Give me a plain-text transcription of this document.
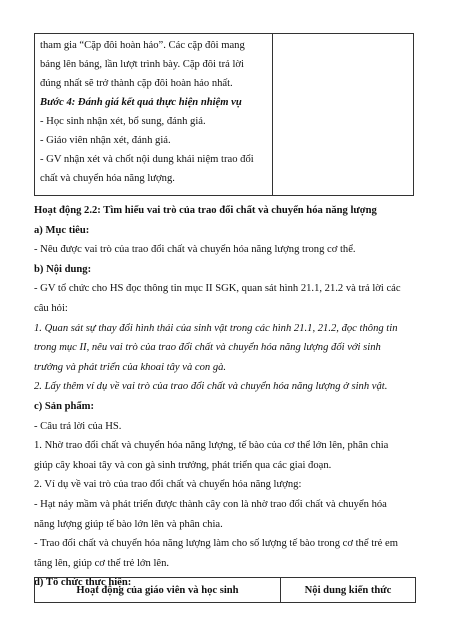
tham gia “Cặp đôi hoàn hảo”. Các cặp đôi mang

bảng lên bảng, lần lượt trình bày. Cặp đôi trả lời

đúng nhất sẽ trở thành cặp đôi hoàn hảo nhất.

Bước 4: Đánh giá kết quả thực hiện nhiệm vụ

- Học sinh nhận xét, bổ sung, đánh giá.

- Giáo viên nhận xét, đánh giá.

- GV nhận xét và chốt nội dung khái niệm trao đổi

chất và chuyển hóa năng lượng.

Hoạt động 2.2: Tìm hiểu vai trò của trao đổi chất và chuyển hóa năng lượng

a) Mục tiêu:

- Nêu được vai trò của trao đổi chất và chuyển hóa năng lượng trong cơ thể.

b) Nội dung:

- GV tổ chức cho HS đọc thông tin mục II SGK, quan sát hình 21.1, 21.2 và trả lời các

câu hỏi:

1. Quan sát sự thay đổi hình thái của sinh vật trong các hình 21.1, 21.2, đọc thông tin

trong mục II, nêu vai trò của trao đổi chất và chuyển hóa năng lượng đối với sinh

trưởng và phát triển của khoai tây và con gà.

2. Lấy thêm ví dụ về vai trò của trao đổi chất và chuyển hóa năng lượng ở sinh vật.

c) Sản phẩm:

- Câu trả lời của HS.

1. Nhờ trao đổi chất và chuyển hóa năng lượng, tế bào của cơ thể lớn lên, phân chia

giúp cây khoai tây và con gà sinh trưởng, phát triển qua các giai đoạn.

2. Ví dụ về vai trò của trao đổi chất và chuyển hóa năng lượng:

- Hạt nảy mầm và phát triển được thành cây con là nhờ trao đổi chất và chuyển hóa

năng lượng giúp tế bào lớn lên và phân chia.

- Trao đổi chất và chuyển hóa năng lượng làm cho số lượng tế bào trong cơ thể trẻ em

tăng lên, giúp cơ thể trẻ lớn lên.

d) Tổ chức thực hiện:

Hoạt động của giáo viên và học sinh	Nội dung kiến thức
